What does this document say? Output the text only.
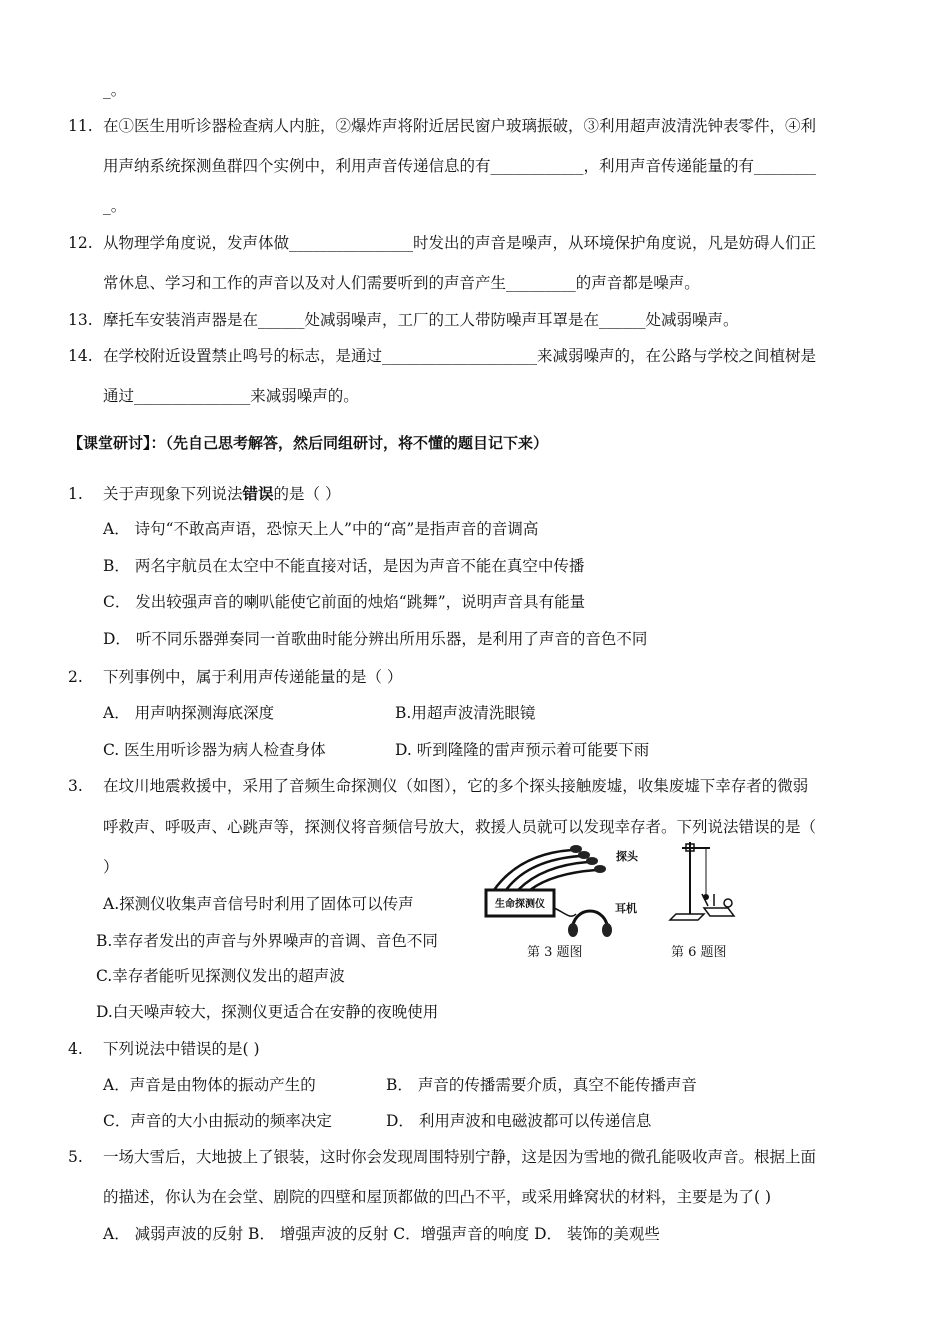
_。
11. 在①医生用听诊器检查病人内脏，②爆炸声将附近居民窗户玻璃振破，③利用超声波清洗钟表零件，④利
用声纳系统探测鱼群四个实例中，利用声音传递信息的有____________，利用声音传递能量的有________
_。
12. 从物理学角度说，发声体做________________时发出的声音是噪声，从环境保护角度说，凡是妨碍人们正
常休息、学习和工作的声音以及对人们需要听到的声音产生_________的声音都是噪声。
13. 摩托车安装消声器是在______处减弱噪声，工厂的工人带防噪声耳罩是在______处减弱噪声。
14. 在学校附近设置禁止鸣号的标志，是通过____________________来减弱噪声的，在公路与学校之间植树是
通过_______________来减弱噪声的。
【课堂研讨】：（先自己思考解答，然后同组研讨，将不懂的题目记下来）
1.	关于声现象下列说法错误的是（ ）
A． 诗句“不敢高声语，恐惊天上人”中的“高”是指声音的音调高
B． 两名宇航员在太空中不能直接对话，是因为声音不能在真空中传播
C． 发出较强声音的喇叭能使它前面的烛焰“跳舞”，说明声音具有能量
D． 听不同乐器弹奏同一首歌曲时能分辨出所用乐器，是利用了声音的音色不同
2.	下列事例中，属于利用声传递能量的是（ ）
A． 用声呐探测海底深度	B.用超声波清洗眼镜
C. 医生用听诊器为病人检查身体	D. 听到隆隆的雷声预示着可能要下雨
3.	在坟川地震救援中，采用了音频生命探测仪（如图），它的多个探头接触废墟，收集废墟下幸存者的微弱
呼救声、呼吸声、心跳声等，探测仪将音频信号放大，救援人员就可以发现幸存者。下列说法错误的是（
）
A.探测仪收集声音信号时利用了固体可以传声
B.幸存者发出的声音与外界噪声的音调、音色不同
C.幸存者能听见探测仪发出的超声波
D.白天噪声较大，探测仪更适合在安静的夜晚使用
生命探测仪
探头
耳机
第 3 题图	第 6 题图
4.	下列说法中错误的是( )
A．声音是由物体的振动产生的	B． 声音的传播需要介质，真空不能传播声音
C．声音的大小由振动的频率决定	D． 利用声波和电磁波都可以传递信息
5.	一场大雪后，大地披上了银装，这时你会发现周围特别宁静，这是因为雪地的微孔能吸收声音。根据上面
的描述，你认为在会堂、剧院的四壁和屋顶都做的凹凸不平，或采用蜂窝状的材料，主要是为了( )
A． 减弱声波的反射 B． 增强声波的反射 C．增强声音的响度 D． 装饰的美观些
